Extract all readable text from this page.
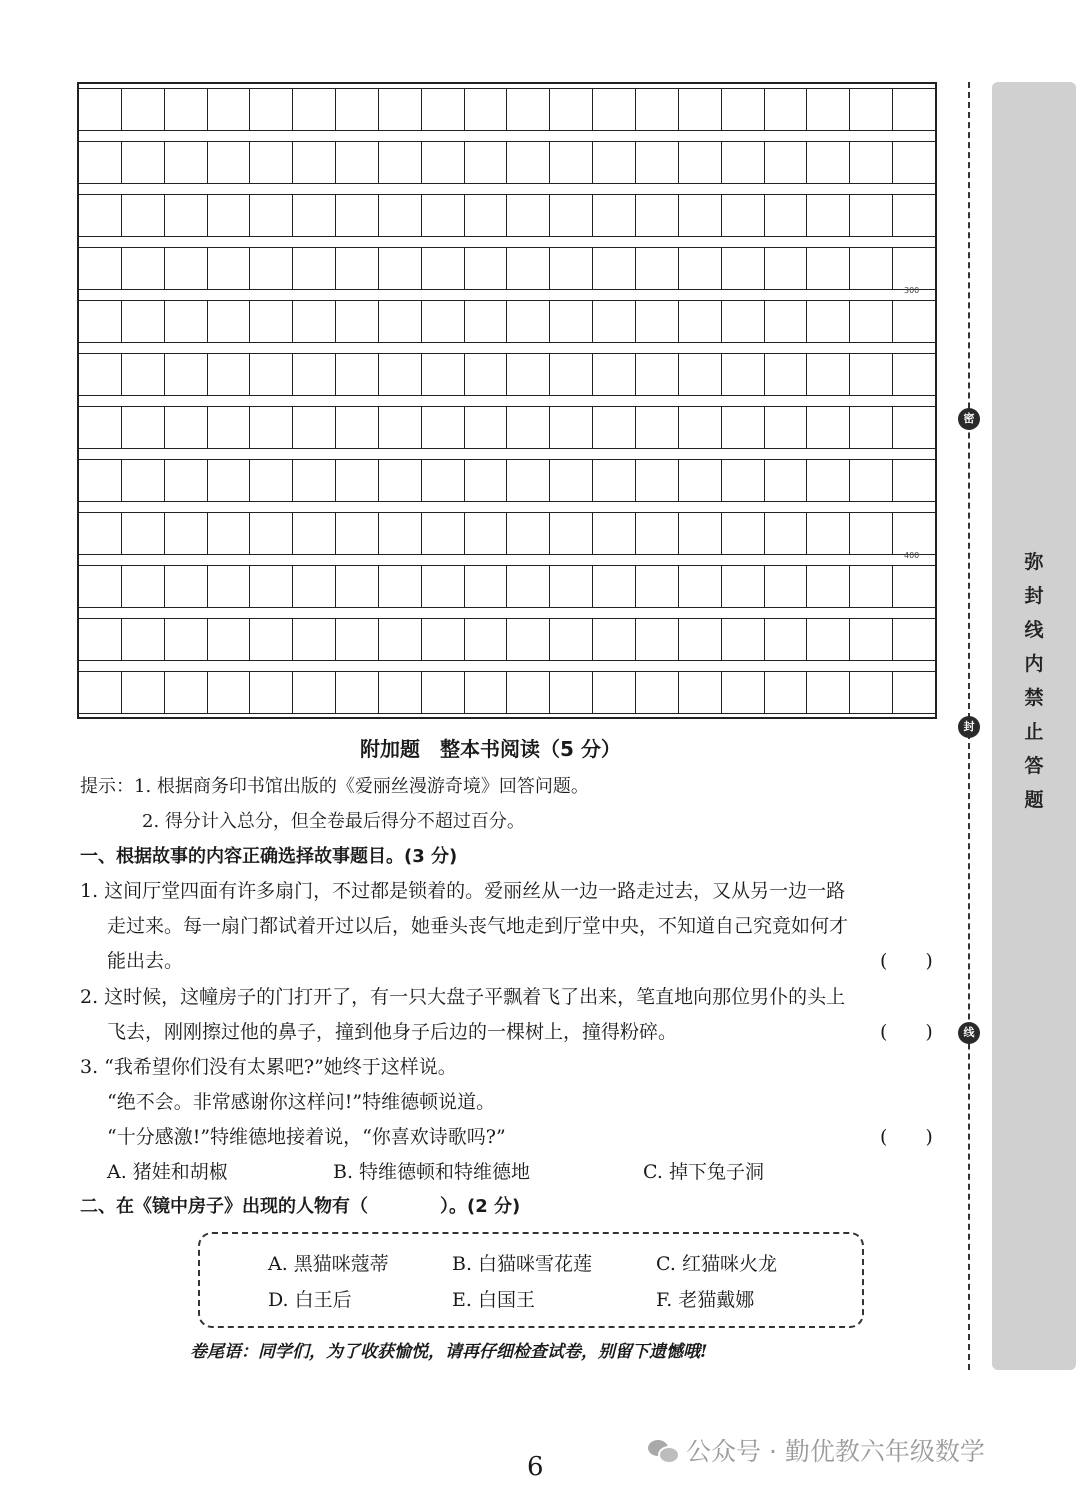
300
400
密
封
线
弥
封
线
内
禁
止
答
题
附加题　整本书阅读（5 分）
提示：1. 根据商务印书馆出版的《爱丽丝漫游奇境》回答问题。
2. 得分计入总分，但全卷最后得分不超过百分。
一、根据故事的内容正确选择故事题目。(3 分)
1. 这间厅堂四面有许多扇门，不过都是锁着的。爱丽丝从一边一路走过去，又从另一边一路
走过来。每一扇门都试着开过以后，她垂头丧气地走到厅堂中央，不知道自己究竟如何才
能出去。	(　　)
2. 这时候，这幢房子的门打开了，有一只大盘子平飘着飞了出来，笔直地向那位男仆的头上
飞去，刚刚擦过他的鼻子，撞到他身子后边的一棵树上，撞得粉碎。	(　　)
3. “我希望你们没有太累吧?”她终于这样说。
“绝不会。非常感谢你这样问!”特维德顿说道。
“十分感激!”特维德地接着说，“你喜欢诗歌吗?”	(　　)
A. 猪娃和胡椒	B. 特维德顿和特维德地	C. 掉下兔子洞
二、在《镜中房子》出现的人物有（　　　　）。(2 分)
A. 黑猫咪蔻蒂	B. 白猫咪雪花莲	C. 红猫咪火龙
D. 白王后	E. 白国王	F. 老猫戴娜
卷尾语：同学们，为了收获愉悦，请再仔细检查试卷，别留下遗憾哦!
公众号 · 勤优教六年级数学
6
